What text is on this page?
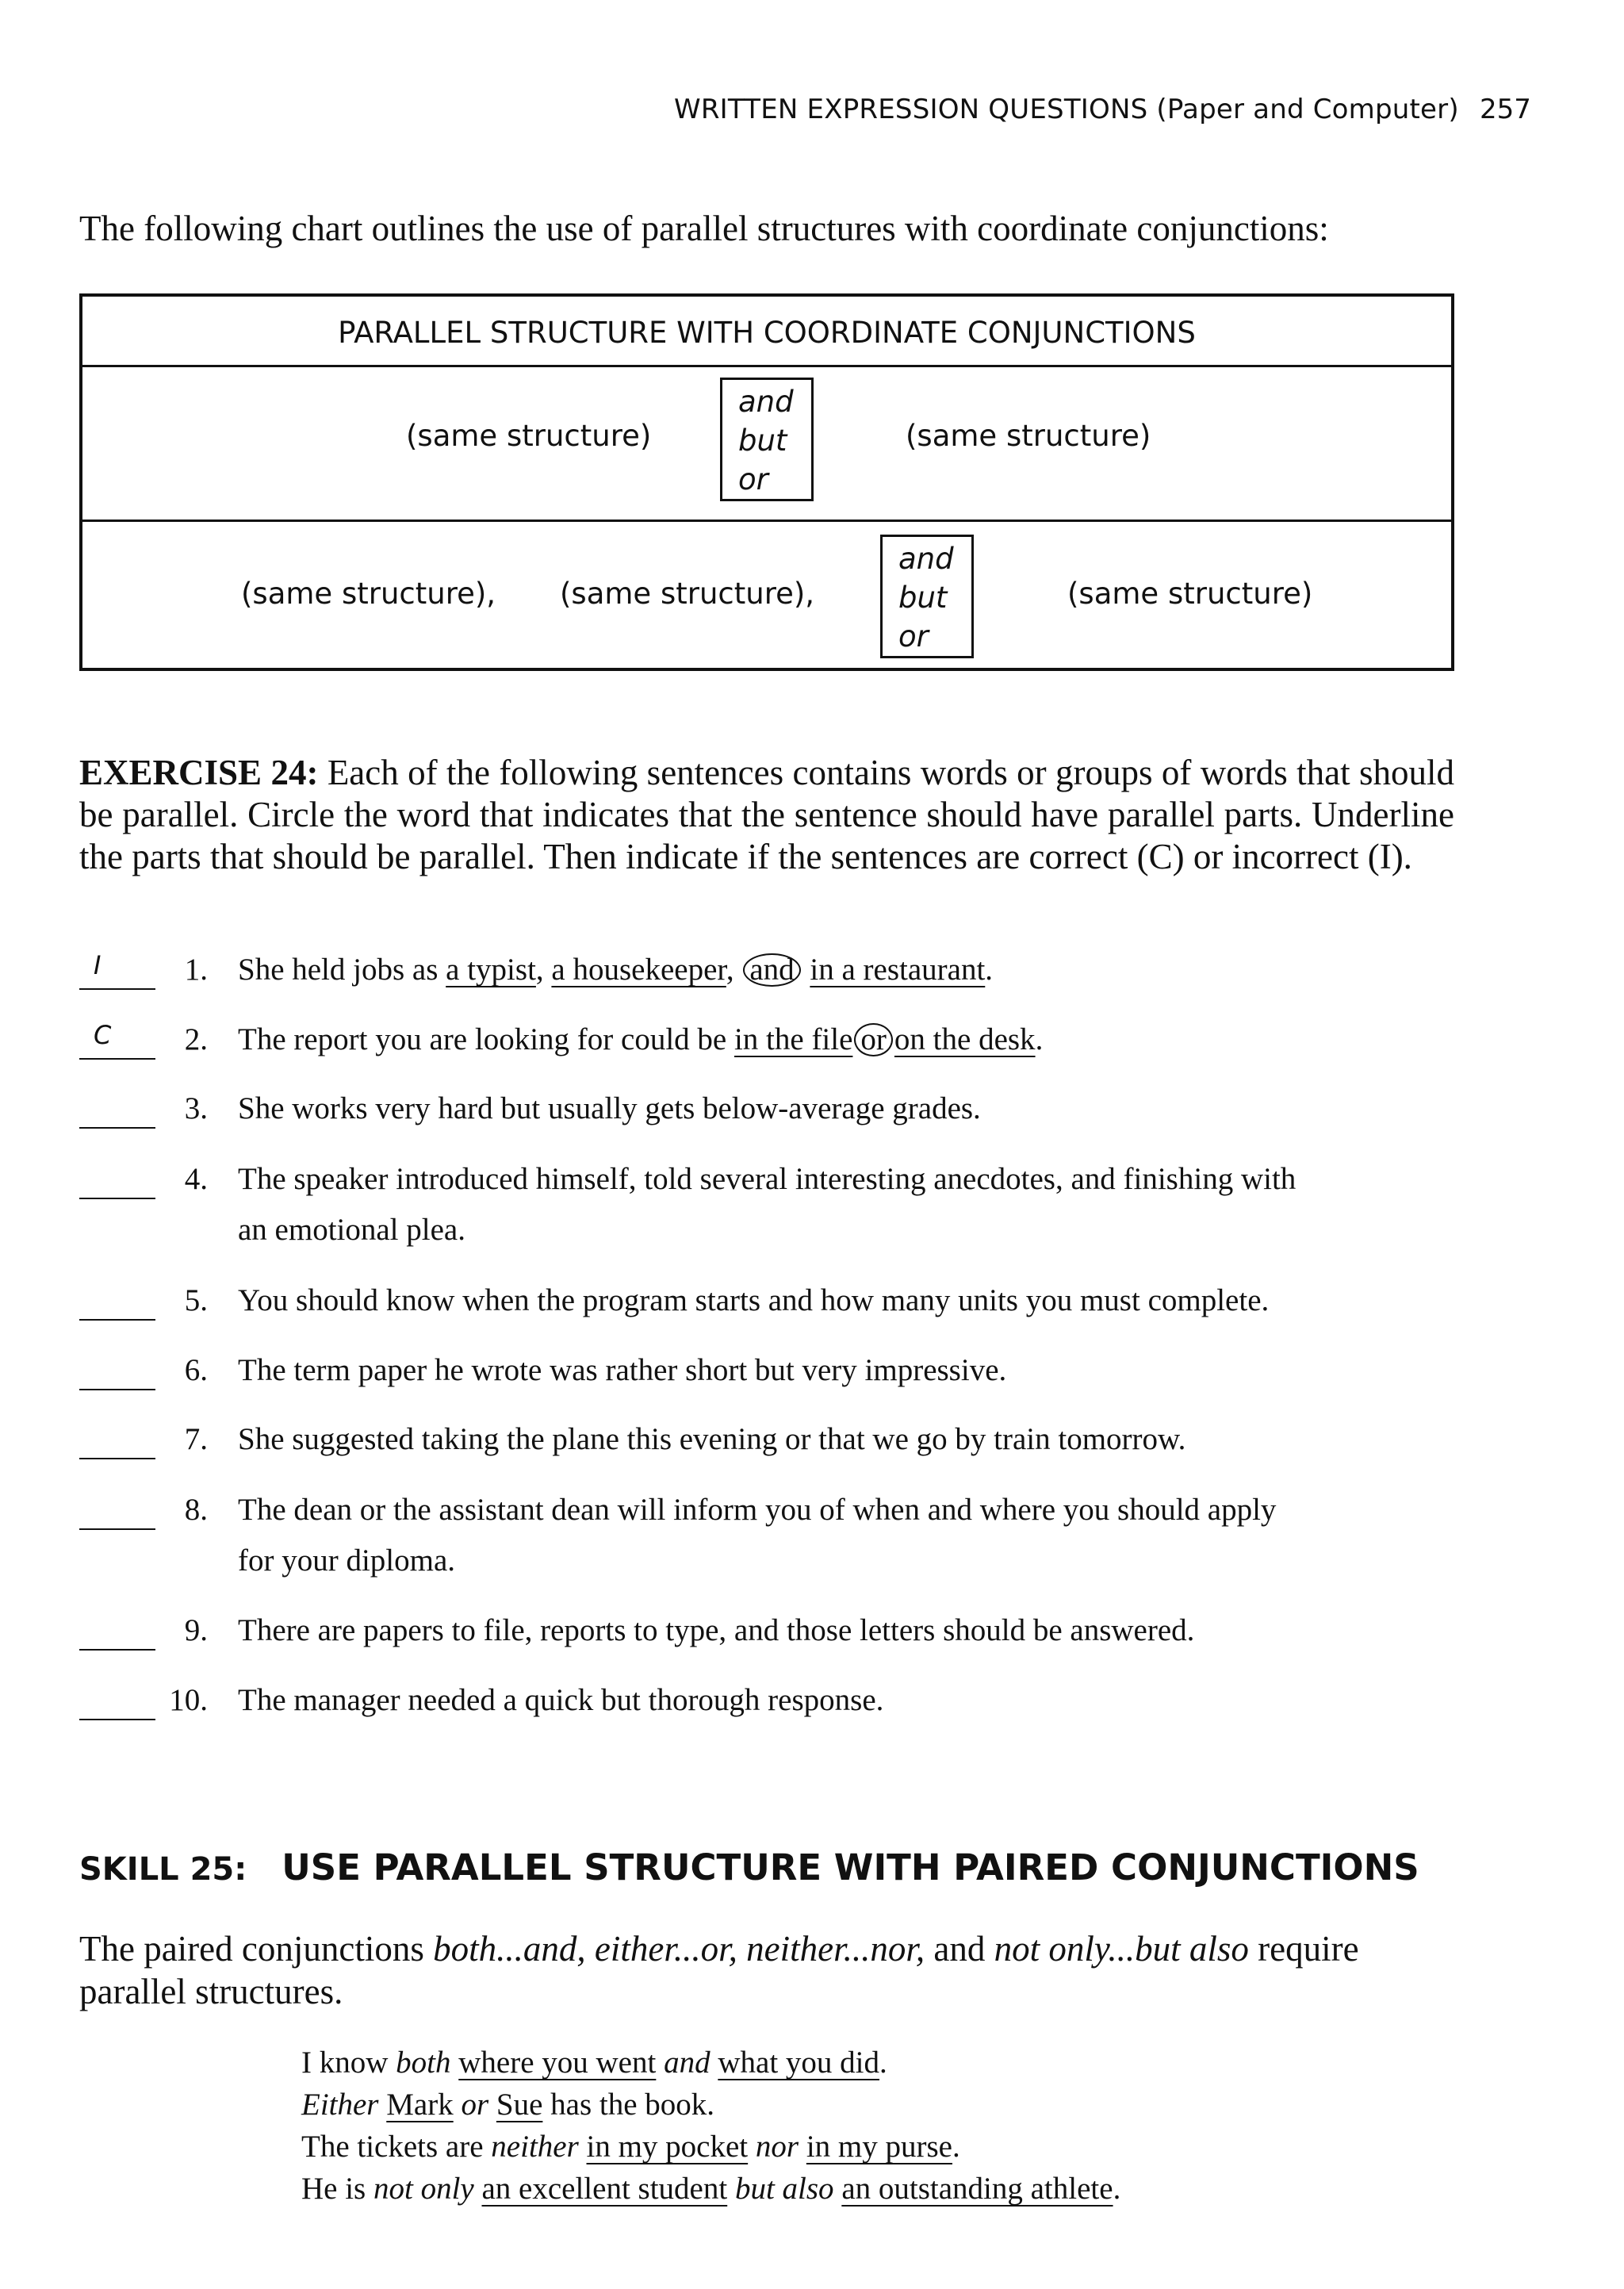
WRITTEN EXPRESSION QUESTIONS (Paper and Computer) 257
The following chart outlines the use of parallel structures with coordinate conjunctions:
PARALLEL STRUCTURE WITH COORDINATE CONJUNCTIONS
(same structure)
and
but
or
(same structure)
(same structure), (same structure),
and
but
or
(same structure)
EXERCISE 24: Each of the following sentences contains words or groups of words that should be parallel. Circle the word that indicates that the sentence should have parallel parts. Underline the parts that should be parallel. Then indicate if the sentences are correct (C) or incorrect (I).
I	1. She held jobs as a typist, a housekeeper, and in a restaurant.
C	2. The report you are looking for could be in the file or on the desk.
3. She works very hard but usually gets below-average grades.
4. The speaker introduced himself, told several interesting anecdotes, and finishing with
an emotional plea.
5. You should know when the program starts and how many units you must complete.
6. The term paper he wrote was rather short but very impressive.
7. She suggested taking the plane this evening or that we go by train tomorrow.
8. The dean or the assistant dean will inform you of when and where you should apply
for your diploma.
9. There are papers to file, reports to type, and those letters should be answered.
10. The manager needed a quick but thorough response.
SKILL 25: USE PARALLEL STRUCTURE WITH PAIRED CONJUNCTIONS
The paired conjunctions both...and, either...or, neither...nor, and not only...but also require parallel structures.
I know both where you went and what you did.
Either Mark or Sue has the book.
The tickets are neither in my pocket nor in my purse.
He is not only an excellent student but also an outstanding athlete.
